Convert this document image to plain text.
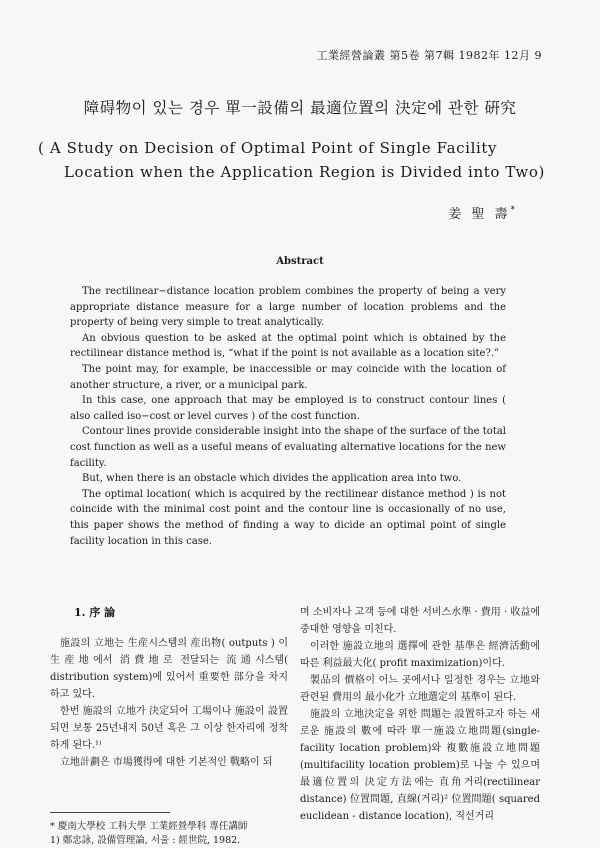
工業經營論叢 第5卷 第7輯 1982年 12月 9
障碍物이 있는 경우 單一設備의 最適位置의 決定에 관한 硏究
( A Study on Decision of Optimal Point of Single Facility
Location when the Application Region is Divided into Two)
姜 聖 壽*
Abstract

The rectilinear−distance location problem combines the property of being a very appropriate distance measure for a large number of location problems and the property of being very simple to treat analytically.

An obvious question to be asked at the optimal point which is obtained by the rectilinear distance method is, “what if the point is not available as a location site?.”

The point may, for example, be inaccessible or may coincide with the location of another structure, a river, or a municipal park.

In this case, one approach that may be employed is to construct contour lines ( also called iso−cost or level curves ) of the cost function.

Contour lines provide considerable insight into the shape of the surface of the total cost function as well as a useful means of evaluating alternative locations for the new facility.

But, when there is an obstacle which divides the application area into two.

The optimal location( which is acquired by the rectilinear distance method ) is not coincide with the minimal cost point and the contour line is occasionally of no use, this paper shows the method of finding a way to dicide an optimal point of single facility location in this case.

1. 序 論

施設의 立地는 生産시스템의 産出物( outputs ) 이 生産地에서 消費地로 전달되는 流通시스템( distribution system)에 있어서 重要한 部分을 차지하고 있다.

한번 施設의 立地가 決定되어 工場이나 施設이 設置되면 보통 25년내지 50년 혹은 그 이상 한자리에 정착하게 된다.¹⁾

立地計劃은 市場獲得에 대한 기본적인 戰略이 되

며 소비자나 고객 등에 대한 서비스水準 · 費用 · 收益에 중대한 영향을 미친다.

이러한 施設立地의 選擇에 관한 基準은 經濟活動에 따른 利益最大化( profit maximization)이다.

製品의 價格이 어느 곳에서나 일정한 경우는 立地와 관련된 費用의 最小化가 立地選定의 基準이 된다.

施設의 立地決定을 위한 問題는 設置하고자 하는 새로운 施設의 數에 따라 單一施設立地問題(single-facility location problem)와 複數施設立地問題(multifacility location problem)로 나눌 수 있으며 最適位置의 決定方法에는 直角거리(rectilinear distance) 位置問題, 直線(거리)² 位置問題( squared euclidean - distance location), 직선거리

* 慶南大學校 工科大學 工業經營學科 專任講師
1) 鄭忠詠, 設備管理論, 서울 : 經世院, 1982.
